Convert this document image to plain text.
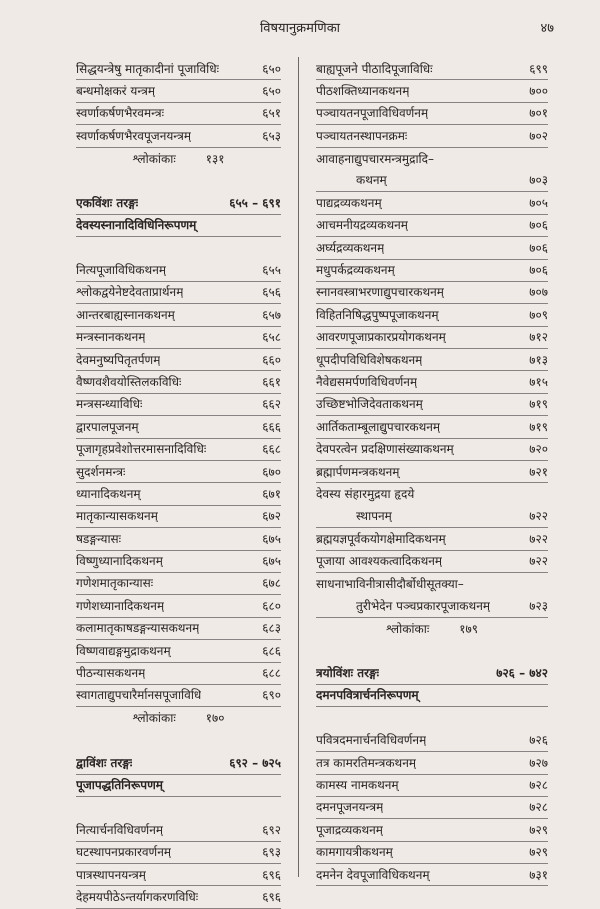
विषयानुक्रमणिका	४७
सिद्धयन्त्रेषु मातृकादीनां पूजाविधिः	६५०
बन्धमोक्षकरं यन्त्रम्	६५०
स्वर्णाकर्षणभैरवमन्त्रः	६५१
स्वर्णाकर्षणभैरवपूजनयन्त्रम्	६५३
श्लोकांकाः	१३१
एकविंशः तरङ्गः	६५५ – ६९१
देवस्यस्नानादिविधिनिरूपणम्
नित्यपूजाविधिकथनम्	६५५
श्लोकद्वयेनेष्टदेवताप्रार्थनम्	६५६
आन्तरबाह्यस्नानकथनम्	६५७
मन्त्रस्नानकथनम्	६५८
देवमनुष्यपितृतर्पणम्	६६०
वैष्णवशैवयोस्तिलकविधिः	६६१
मन्त्रसन्ध्याविधिः	६६२
द्वारपालपूजनम्	६६६
पूजागृहप्रवेशोत्तरमासनादिविधिः	६६८
सुदर्शनमन्त्रः	६७०
ध्यानादिकथनम्	६७१
मातृकान्यासकथनम्	६७२
षडङ्गन्यासः	६७५
विष्णुध्यानादिकथनम्	६७५
गणेशमातृकान्यासः	६७८
गणेशध्यानादिकथनम्	६८०
कलामातृकाषडङ्गन्यासकथनम्	६८३
विष्णवाद्यङ्गमुद्राकथनम्	६८६
पीठन्यासकथनम्	६८८
स्वागताद्युपचारैर्मानसपूजाविधि	६९०
श्लोकांकाः	१७०
द्वाविंशः तरङ्गः	६९२ – ७२५
पूजापद्धतिनिरूपणम्
नित्यार्चनविधिवर्णनम्	६९२
घटस्थापनप्रकारवर्णनम्	६९३
पात्रस्थापनयन्त्रम्	६९६
देहमयपीठेऽन्तर्यागकरणविधिः	६९६
बाह्यपूजने पीठादिपूजाविधिः	६९९
पीठशक्तिध्यानकथनम्	७००
पञ्चायतनपूजाविधिवर्णनम्	७०१
पञ्चायतनस्थापनक्रमः	७०२
आवाहनाद्युपचारमन्त्रमुद्रादि–
कथनम्	७०३
पाद्यद्रव्यकथनम्	७०५
आचमनीयद्रव्यकथनम्	७०६
अर्घ्यद्रव्यकथनम्	७०६
मधुपर्कद्रव्यकथनम्	७०६
स्नानवस्त्राभरणाद्युपचारकथनम्	७०७
विहितनिषिद्धपुष्पपूजाकथनम्	७०९
आवरणपूजाप्रकारप्रयोगकथनम्	७१२
धूपदीपविधिविशेषकथनम्	७१३
नैवेद्यसमर्पणविधिवर्णनम्	७१५
उच्छिष्टभोजिदेवताकथनम्	७१९
आर्तिकताम्बूलाद्युपचारकथनम्	७१९
देवपरत्वेन प्रदक्षिणासंख्याकथनम्	७२०
ब्रह्मार्पणमन्त्रकथनम्	७२१
देवस्य संहारमुद्रया हृदये
स्थापनम्	७२२
ब्रह्मयज्ञपूर्वकयोगक्षेमादिकथनम्	७२२
पूजाया आवश्यकत्वादिकथनम्	७२२
साधनाभाविनीत्रासीदौर्बोधीसूतक्या–
तुरीभेदेन पञ्चप्रकारपूजाकथनम्	७२३
श्लोकांकाः	१७९
त्रयोविंशः तरङ्गः	७२६ – ७४२
दमनपवित्रार्चननिरूपणम्
पवित्रदमनार्चनविधिवर्णनम्	७२६
तत्र कामरतिमन्त्रकथनम्	७२७
कामस्य नामकथनम्	७२८
दमनपूजनयन्त्रम्	७२८
पूजाद्रव्यकथनम्	७२९
कामगायत्रीकथनम्	७२९
दमनेन देवपूजाविधिकथनम्	७३१
